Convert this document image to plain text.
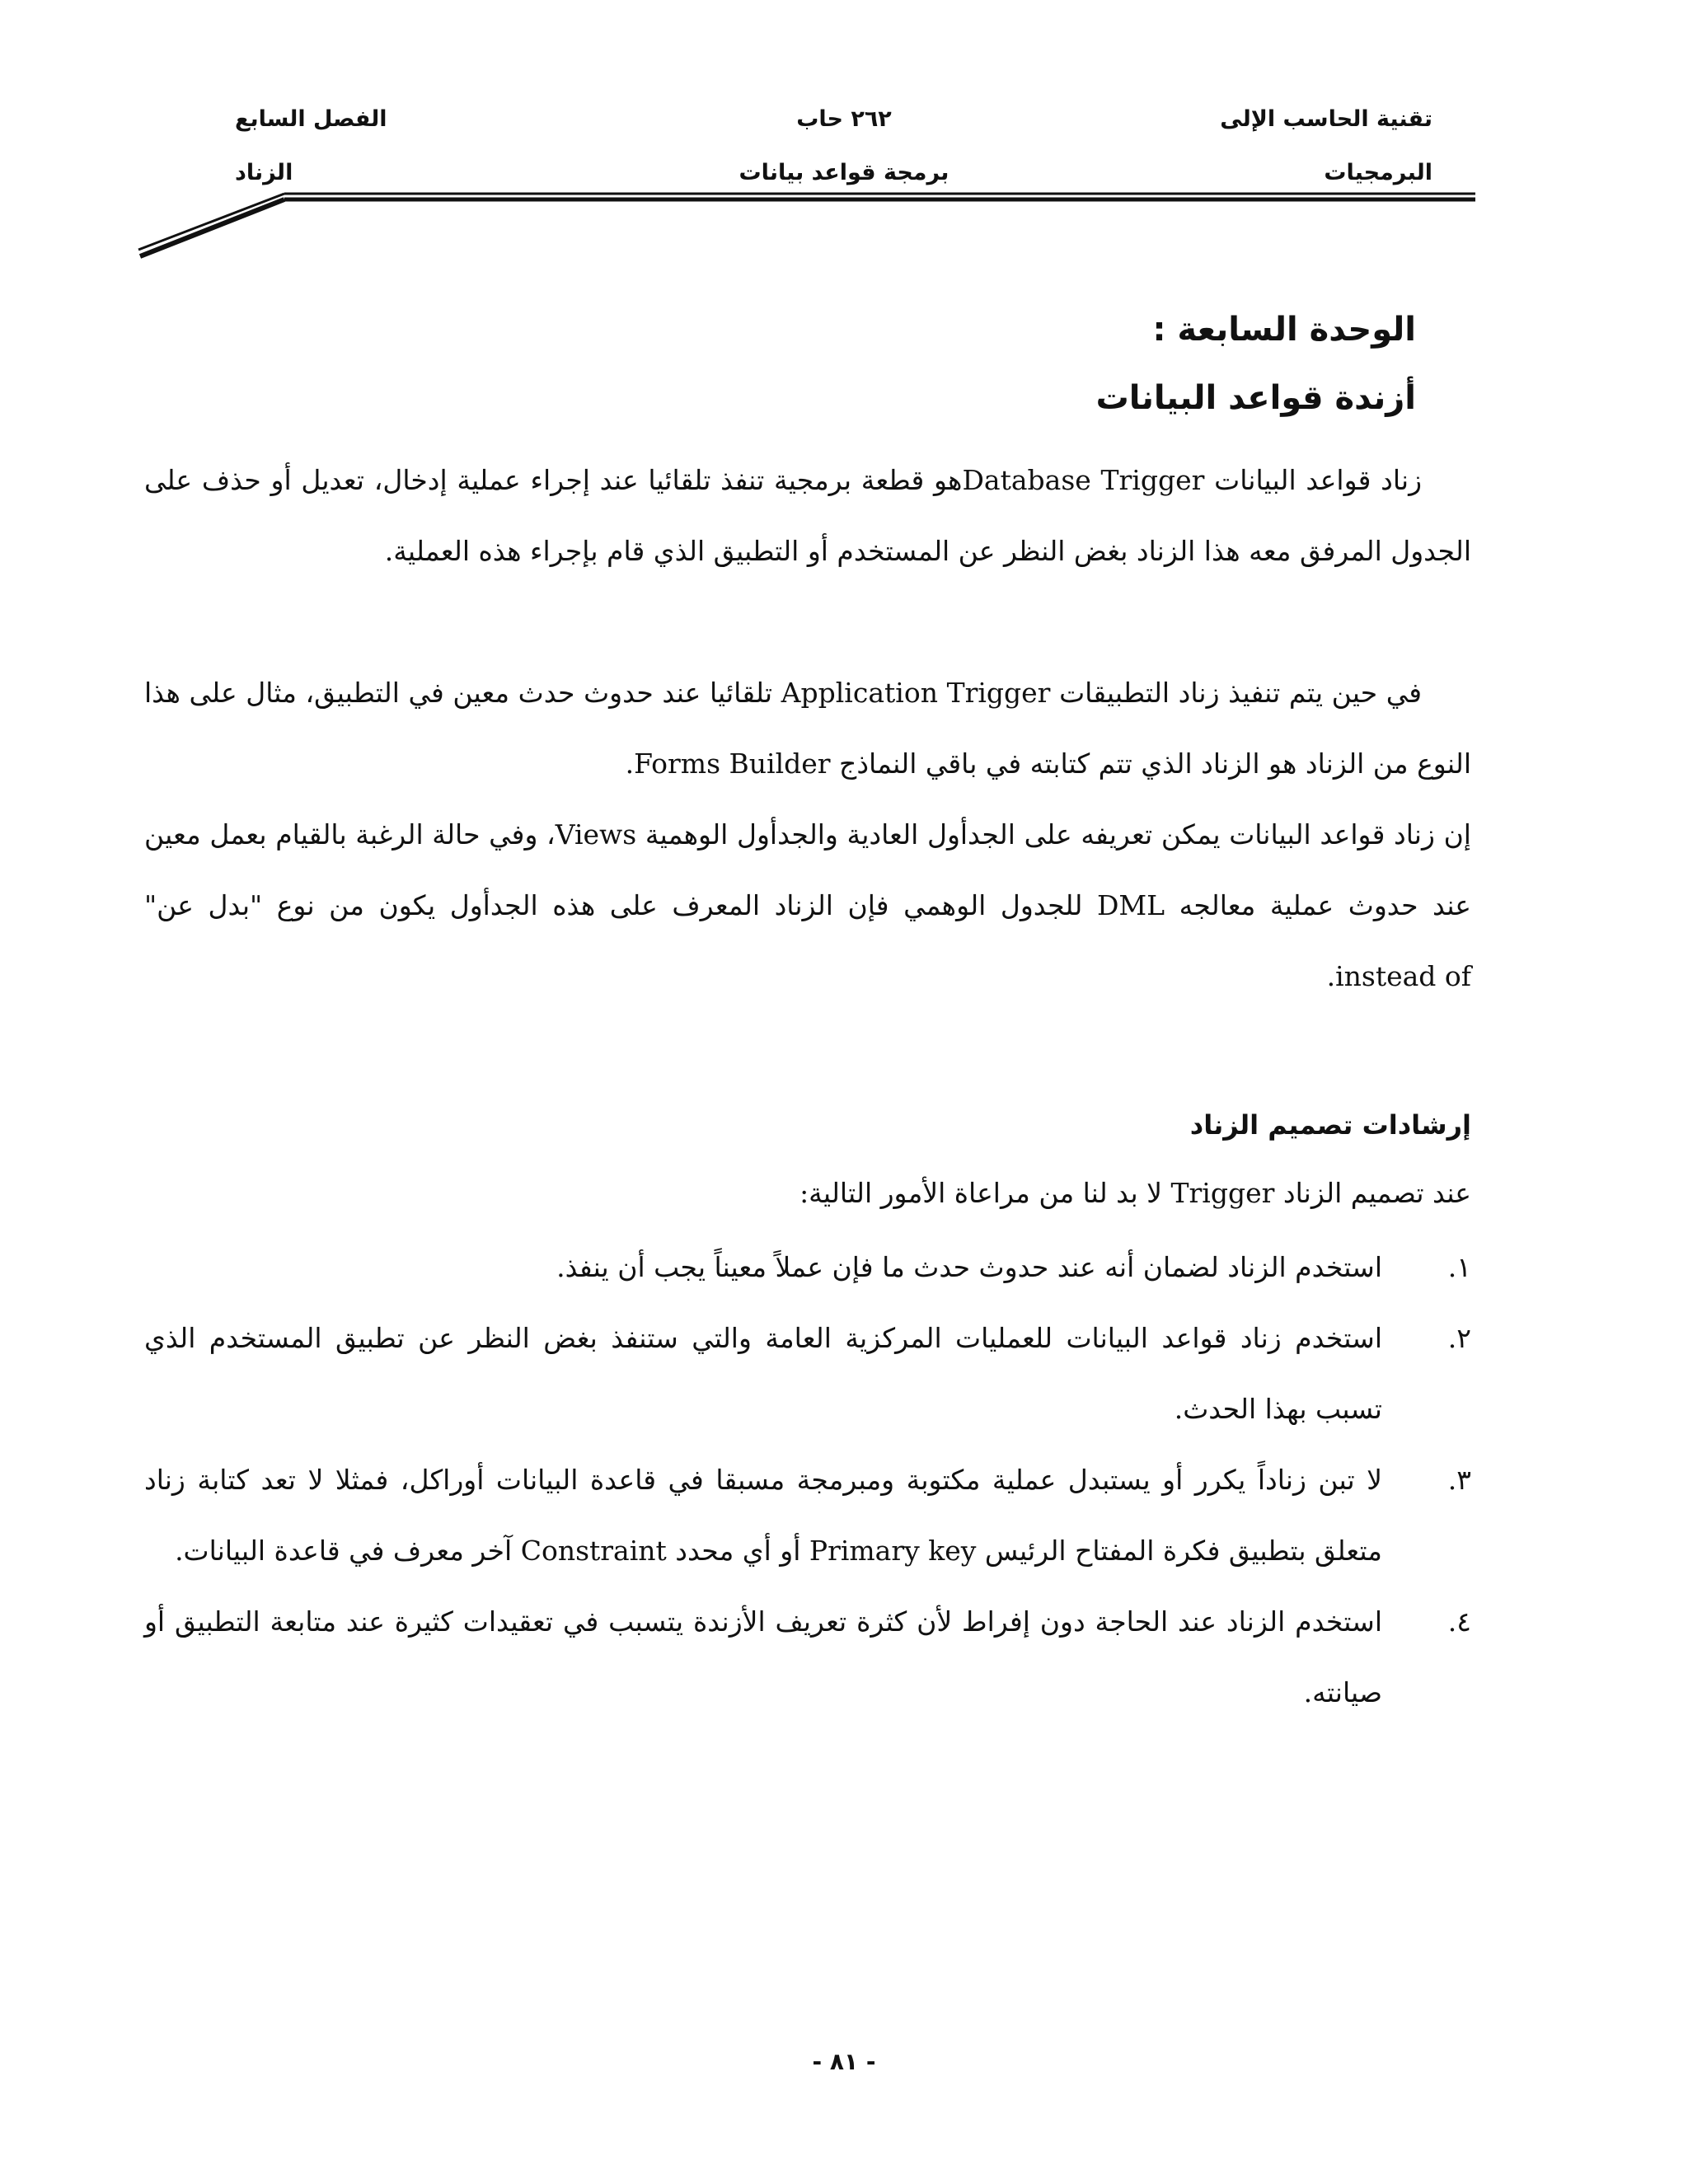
تقنية الحاسب الإلى
٢٦٢ حاب
الفصل السابع
البرمجيات
برمجة قواعد بيانات
الزناد
الوحدة السابعة :
أزندة قواعد البيانات
زناد قواعد البيانات Database Triggerهو قطعة برمجية تنفذ تلقائيا عند إجراء عملية إدخال، تعديل أو حذف على الجدول المرفق معه هذا الزناد بغض النظر عن المستخدم أو التطبيق الذي قام بإجراء هذه العملية.
في حين يتم تنفيذ زناد التطبيقات Application Trigger تلقائيا عند حدوث حدث معين في التطبيق، مثال على هذا النوع من الزناد هو الزناد الذي تتم كتابته في باقي النماذج Forms Builder.
إن زناد قواعد البيانات يمكن تعريفه على الجدأول العادية والجدأول الوهمية Views، وفي حالة الرغبة بالقيام بعمل معين عند حدوث عملية معالجه DML للجدول الوهمي فإن الزناد المعرف على هذه الجدأول يكون من نوع "بدل عن" instead of.
إرشادات تصميم الزناد
عند تصميم الزناد Trigger لا بد لنا من مراعاة الأمور التالية:
١.
استخدم الزناد لضمان أنه عند حدوث حدث ما فإن عملاً معيناً يجب أن ينفذ.
٢.
استخدم زناد قواعد البيانات للعمليات المركزية العامة والتي ستنفذ بغض النظر عن تطبيق المستخدم الذي تسبب بهذا الحدث.
٣.
لا تبن زناداً يكرر أو يستبدل عملية مكتوبة ومبرمجة مسبقا في قاعدة البيانات أوراكل، فمثلا لا تعد كتابة زناد متعلق بتطبيق فكرة المفتاح الرئيس Primary key أو أي محدد Constraint آخر معرف في قاعدة البيانات.
٤.
استخدم الزناد عند الحاجة دون إفراط لأن كثرة تعريف الأزندة يتسبب في تعقيدات كثيرة عند متابعة التطبيق أو صيانته.
- ٨١ -
